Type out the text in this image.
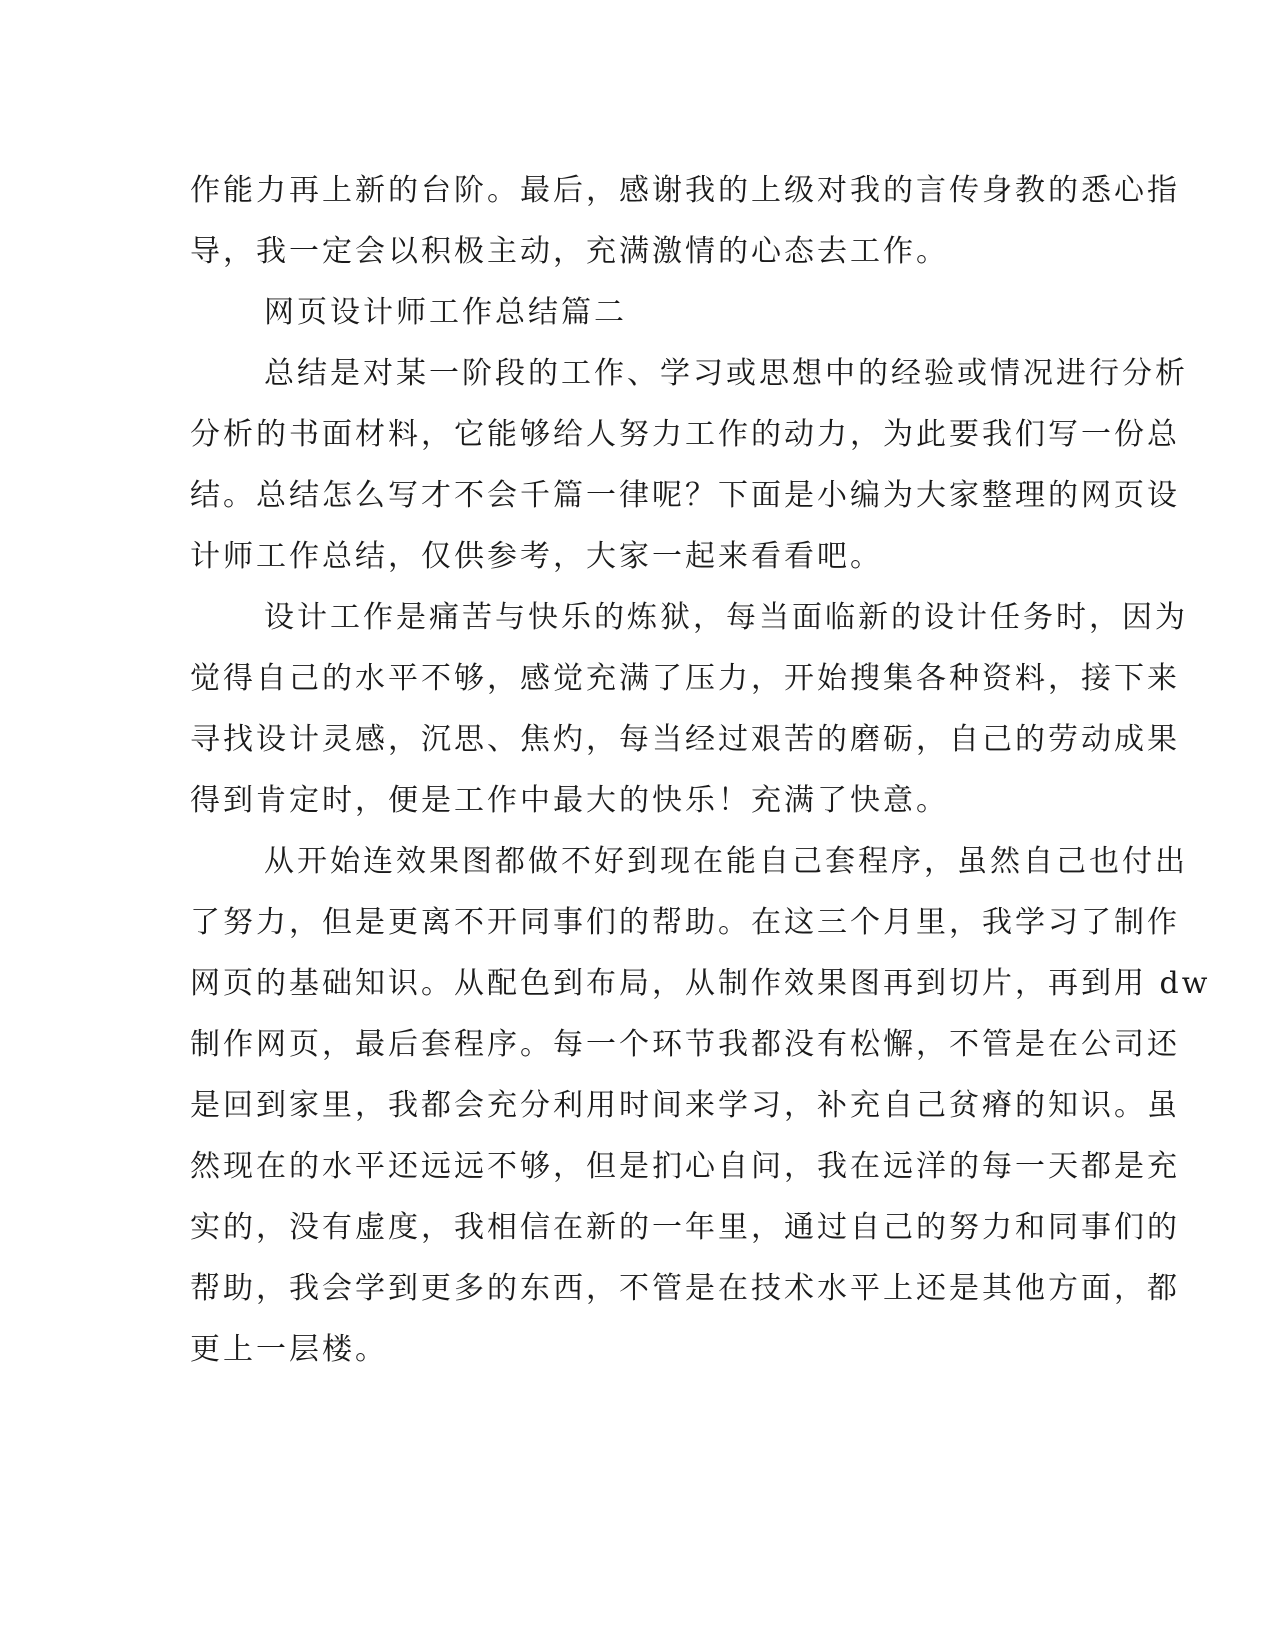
作能力再上新的台阶。最后，感谢我的上级对我的言传身教的悉心指
导，我一定会以积极主动，充满激情的心态去工作。
网页设计师工作总结篇二
总结是对某一阶段的工作、学习或思想中的经验或情况进行分析
分析的书面材料，它能够给人努力工作的动力，为此要我们写一份总
结。总结怎么写才不会千篇一律呢？下面是小编为大家整理的网页设
计师工作总结，仅供参考，大家一起来看看吧。
设计工作是痛苦与快乐的炼狱，每当面临新的设计任务时，因为
觉得自己的水平不够，感觉充满了压力，开始搜集各种资料，接下来
寻找设计灵感，沉思、焦灼，每当经过艰苦的磨砺，自己的劳动成果
得到肯定时，便是工作中最大的快乐！充满了快意。
从开始连效果图都做不好到现在能自己套程序，虽然自己也付出
了努力，但是更离不开同事们的帮助。在这三个月里，我学习了制作
网页的基础知识。从配色到布局，从制作效果图再到切片，再到用 dw
制作网页，最后套程序。每一个环节我都没有松懈，不管是在公司还
是回到家里，我都会充分利用时间来学习，补充自己贫瘠的知识。虽
然现在的水平还远远不够，但是扪心自问，我在远洋的每一天都是充
实的，没有虚度，我相信在新的一年里，通过自己的努力和同事们的
帮助，我会学到更多的东西，不管是在技术水平上还是其他方面，都
更上一层楼。
